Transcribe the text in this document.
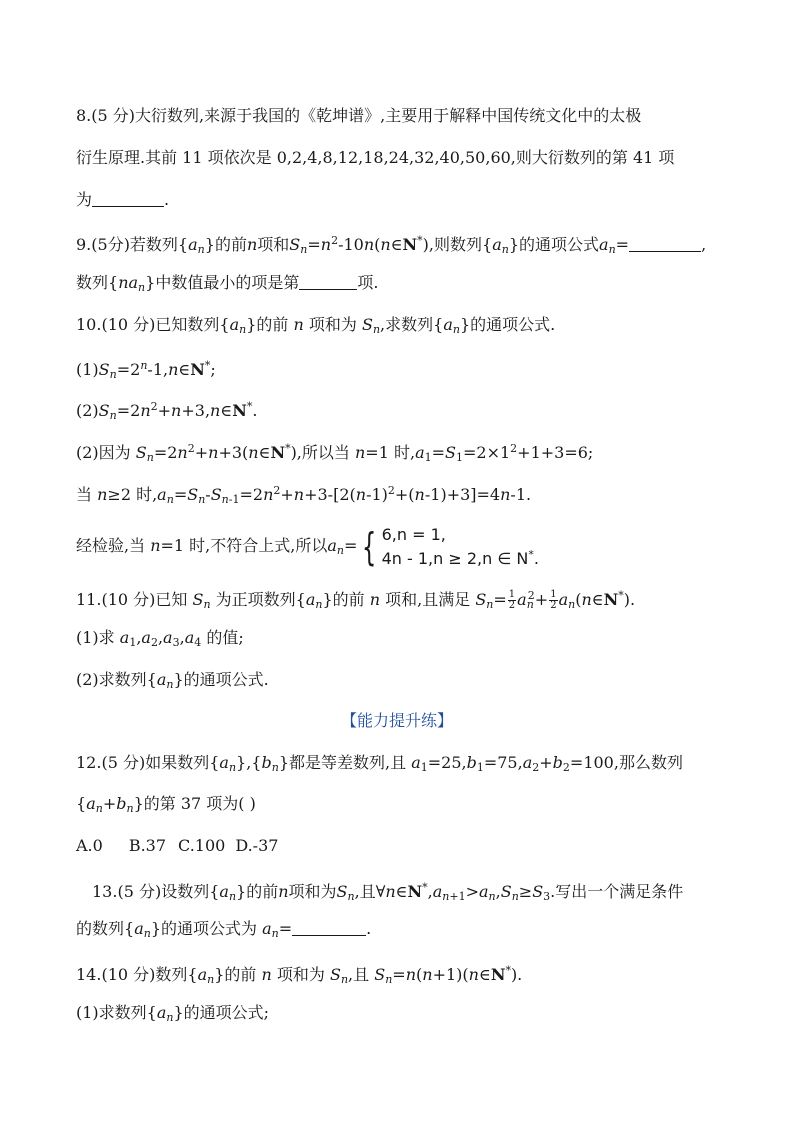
8.(5 分)大衍数列,来源于我国的《乾坤谱》,主要用于解释中国传统文化中的太极
衍生原理.其前 11 项依次是 0,2,4,8,12,18,24,32,40,50,60,则大衍数列的第 41 项
为	.
9.(5分)若数列$\{a_n\}$的前n项和$S_n=n^2-10n(n\in N^*)$,则数列$\{a_n\}$的通项公式$a_n=$	,
数列$\{na_n\}$中数值最小的项是第	项.
10.(10 分)已知数列$\{a_n\}$的前 n 项和为 $S_n$,求数列$\{a_n\}$的通项公式.
$(1)S_n=2^n-1,n\in N^*$;
$(2)S_n=2n^2+n+3,n\in N^*$.
(2)因为 $S_n=2n^2+n+3(n\in N^*)$,所以当 n=1 时$,a_1=S_1=2\times 1^2+1+3=6$;
当 n≥2 时$,a_n=S_n-S_{n-1}=2n^2+n+3-[2(n-1)^2+(n-1)+3]=4n-1$.
经检验,当 n=1 时,不符合上式,所以$a_n=$ { 6,n = 1,
4n - 1,n ≥ 2,n ∈ N*.
11.(10 分)已知 $S_n$ 为正项数列$\{a_n\}$的前 n 项和,且满足 $S_n= \frac{1}{2} a_n^2+ \frac{1}{2}$ $a_n(n\in N^*)$.
(1)求 $a_1,a_2,a_3,a_4$ 的值;
(2)求数列$\{a_n\}$的通项公式.
【能力提升练】
12.(5 分)如果数列$\{a_n\},\{b_n\}$都是等差数列,且 $a_1=25,b_1=75,a_2+b_2=100$,那么数列
$\{a_n+b_n\}$的第 37 项为( )
A.0 B.37 C.100 D.-37
13.(5 分)设数列$\{a_n\}$的前n项和为$S_n$,且$\forall n\in N^*,a_{n+1}>a_n,S_n\ge S_3$.写出一个满足条件
的数列$\{a_n\}$的通项公式为 $a_n=$	.
14.(10 分)数列$\{a_n\}$的前 n 项和为 $S_n$,且 $S_n=n(n+1)(n\in N^*)$.
(1)求数列$\{a_n\}$的通项公式;
